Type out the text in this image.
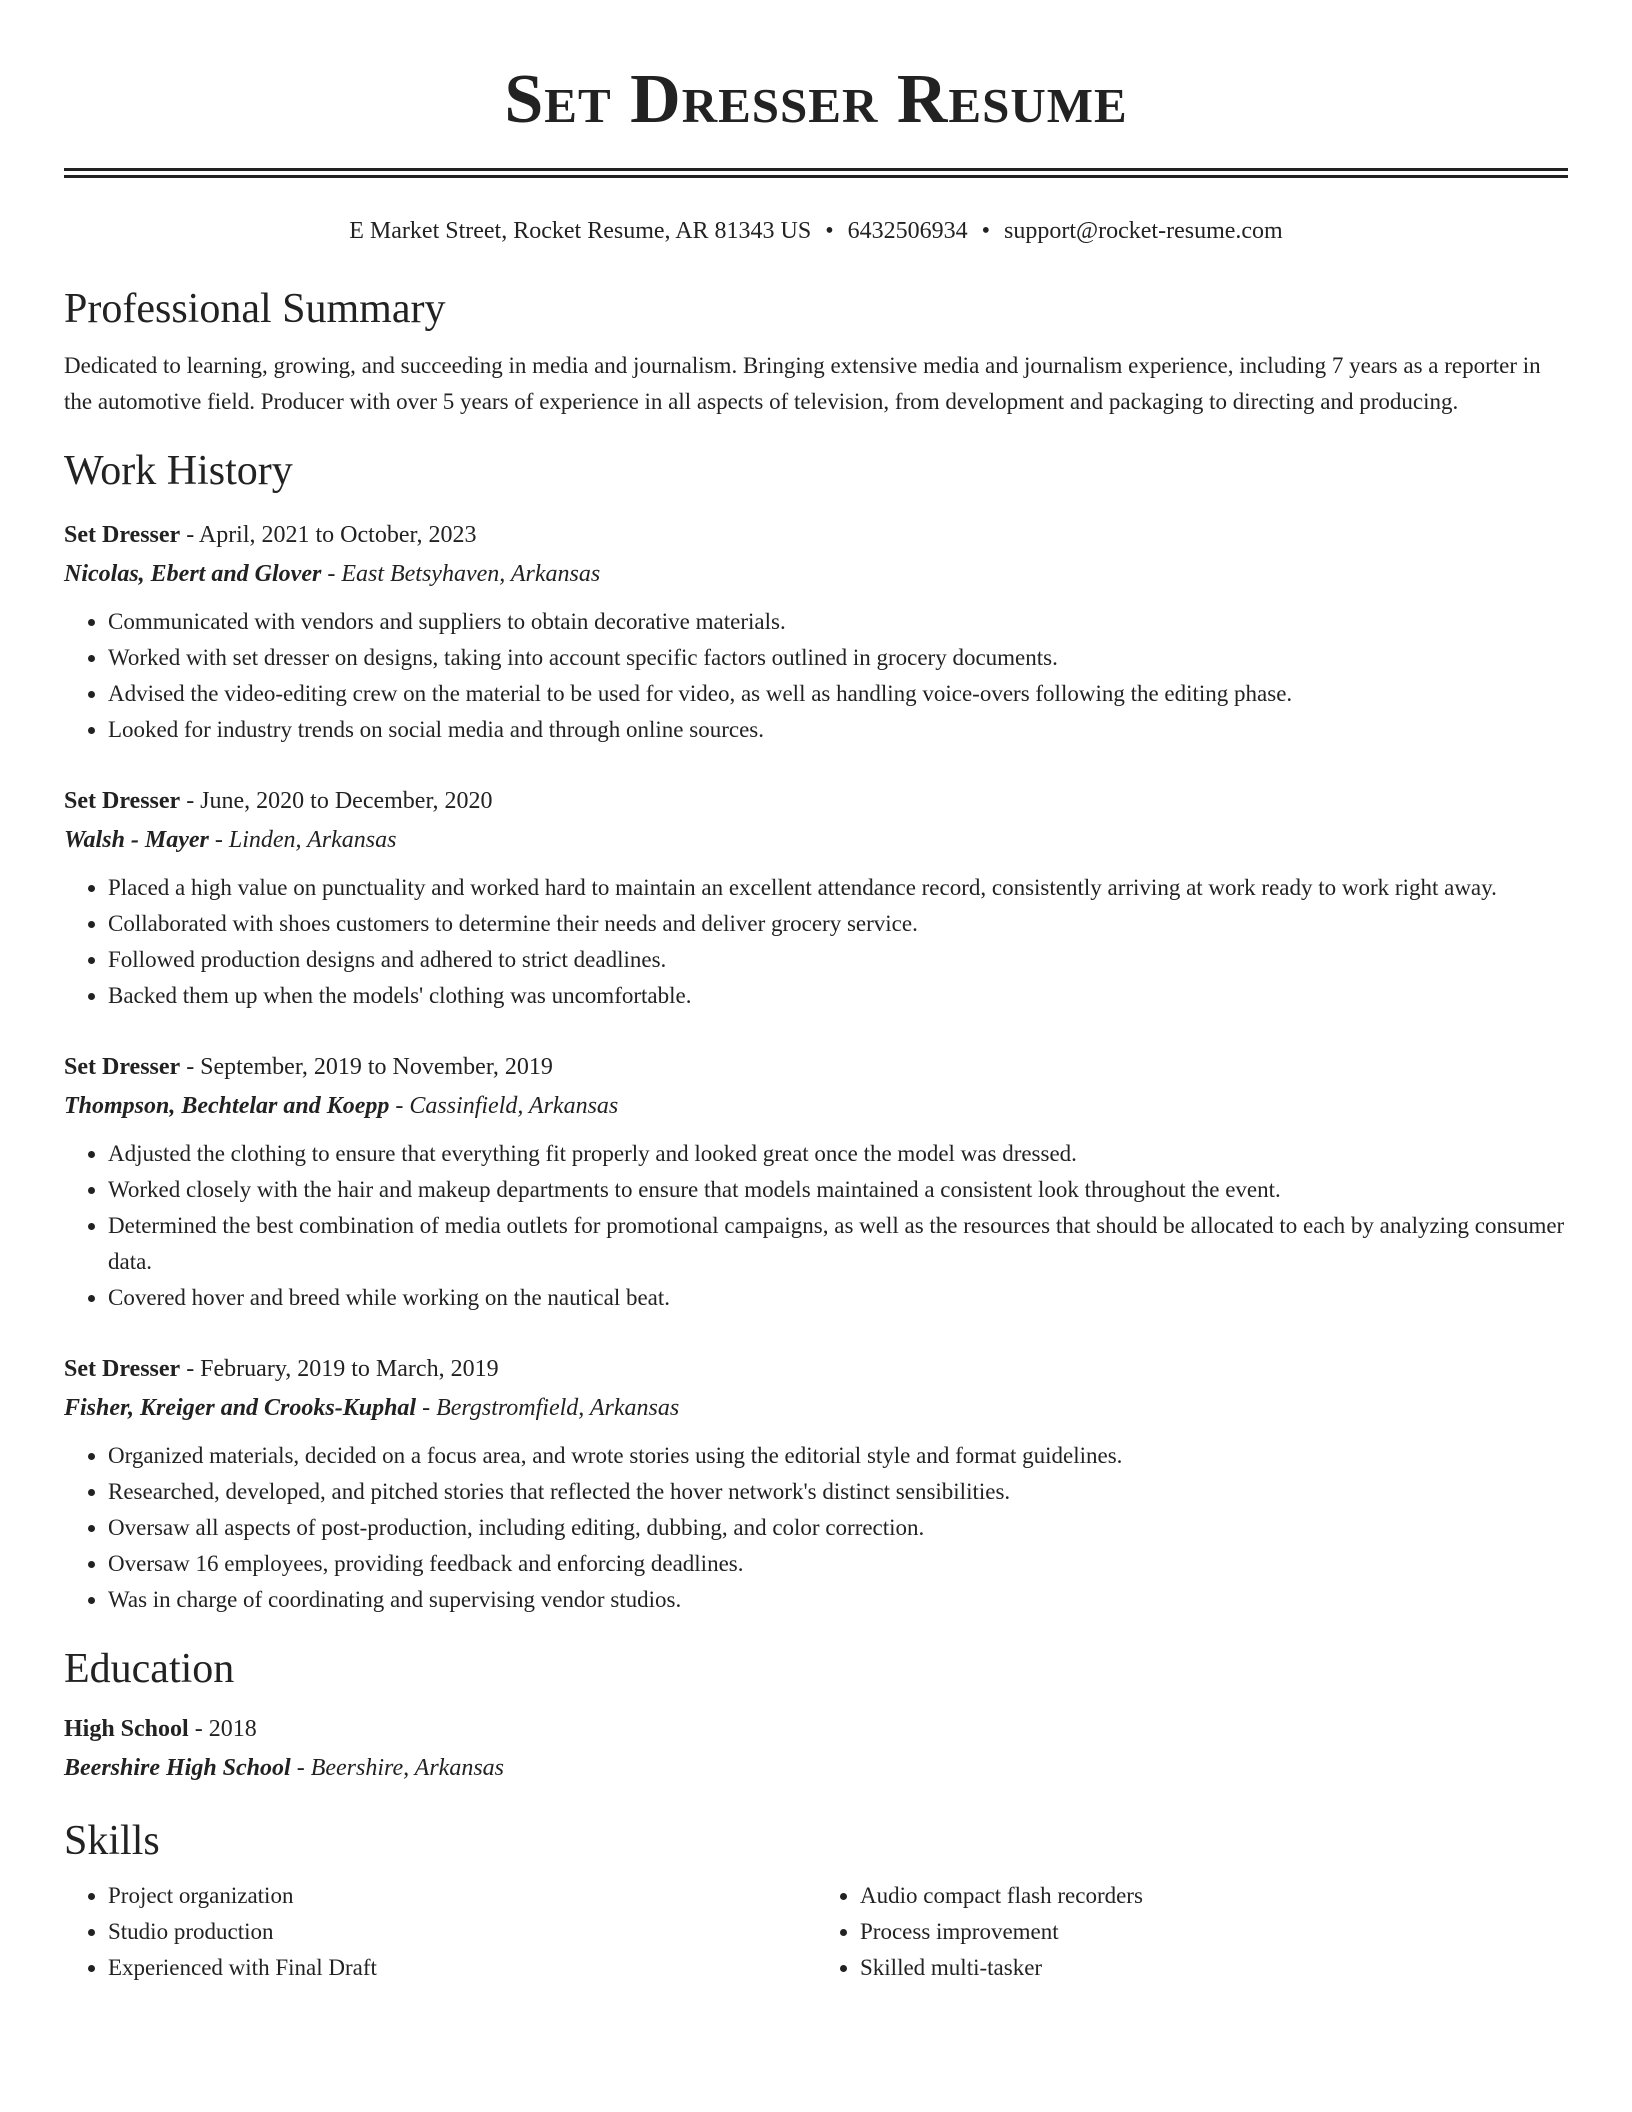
Set Dresser Resume
E Market Street, Rocket Resume, AR 81343 US • 6432506934 • support@rocket-resume.com
Professional Summary

Dedicated to learning, growing, and succeeding in media and journalism. Bringing extensive media and journalism experience, including 7 years as a reporter in the automotive field. Producer with over 5 years of experience in all aspects of television, from development and packaging to directing and producing.

Work History
Set Dresser - April, 2021 to October, 2023
Nicolas, Ebert and Glover - East Betsyhaven, Arkansas
• Communicated with vendors and suppliers to obtain decorative materials.
• Worked with set dresser on designs, taking into account specific factors outlined in grocery documents.
• Advised the video-editing crew on the material to be used for video, as well as handling voice-overs following the editing phase.
• Looked for industry trends on social media and through online sources.
Set Dresser - June, 2020 to December, 2020
Walsh - Mayer - Linden, Arkansas
• Placed a high value on punctuality and worked hard to maintain an excellent attendance record, consistently arriving at work ready to work right away.
• Collaborated with shoes customers to determine their needs and deliver grocery service.
• Followed production designs and adhered to strict deadlines.
• Backed them up when the models' clothing was uncomfortable.
Set Dresser - September, 2019 to November, 2019
Thompson, Bechtelar and Koepp - Cassinfield, Arkansas
• Adjusted the clothing to ensure that everything fit properly and looked great once the model was dressed.
• Worked closely with the hair and makeup departments to ensure that models maintained a consistent look throughout the event.
• Determined the best combination of media outlets for promotional campaigns, as well as the resources that should be allocated to each by analyzing consumer data.
• Covered hover and breed while working on the nautical beat.
Set Dresser - February, 2019 to March, 2019
Fisher, Kreiger and Crooks-Kuphal - Bergstromfield, Arkansas
• Organized materials, decided on a focus area, and wrote stories using the editorial style and format guidelines.
• Researched, developed, and pitched stories that reflected the hover network's distinct sensibilities.
• Oversaw all aspects of post-production, including editing, dubbing, and color correction.
• Oversaw 16 employees, providing feedback and enforcing deadlines.
• Was in charge of coordinating and supervising vendor studios.
Education
High School - 2018
Beershire High School - Beershire, Arkansas
Skills
• Project organization
• Studio production
• Experienced with Final Draft
• Audio compact flash recorders
• Process improvement
• Skilled multi-tasker
